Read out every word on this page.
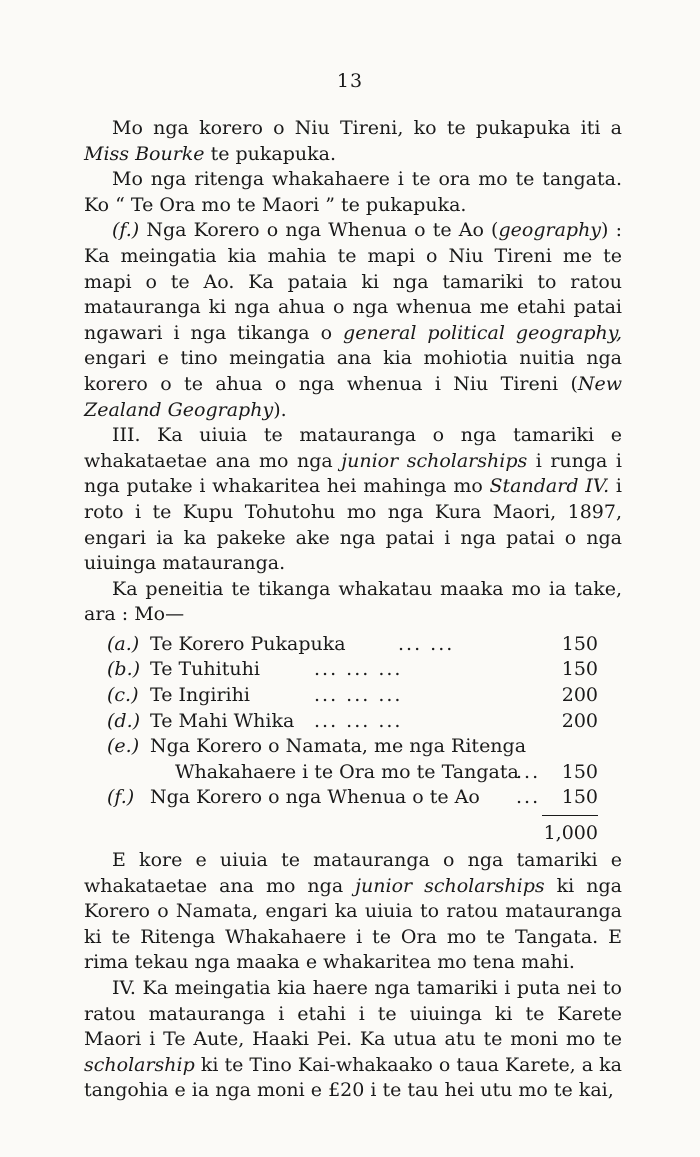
13

Mo nga korero o Niu Tireni, ko te pukapuka iti a Miss Bourke te pukapuka.

Mo nga ritenga whakahaere i te ora mo te tangata. Ko “ Te Ora mo te Maori ” te pukapuka.

(f.) Nga Korero o nga Whenua o te Ao (geography) : Ka meingatia kia mahia te mapi o Niu Tireni me te mapi o te Ao. Ka pataia ki nga tamariki to ratou matauranga ki nga ahua o nga whenua me etahi patai ngawari i nga tikanga o general political geography, engari e tino meingatia ana kia mohiotia nuitia nga korero o te ahua o nga whenua i Niu Tireni (New Zealand Geography).

III. Ka uiuia te matauranga o nga tamariki e whakataetae ana mo nga junior scholarships i runga i nga putake i whakaritea hei mahinga mo Standard IV. i roto i te Kupu Tohutohu mo nga Kura Maori, 1897, engari ia ka pakeke ake nga patai i nga patai o nga uiuinga matauranga.

Ka peneitia te tikanga whakatau maaka mo ia take, ara : Mo—

(a.) Te Korero Pukapuka	... ...	150
(b.) Te Tuhituhi	... ... ...	150
(c.) Te Ingirihi	... ... ...	200
(d.) Te Mahi Whika ... ... ...	200
(e.) Nga Korero o Namata, me nga Ritenga
Whakahaere i te Ora mo te Tangata
... 150
(f.) Nga Korero o nga Whenua o te Ao ... 150
1,000

E kore e uiuia te matauranga o nga tamariki e whakataetae ana mo nga junior scholarships ki nga Korero o Namata, engari ka uiuia to ratou matauranga ki te Ritenga Whakahaere i te Ora mo te Tangata. E rima tekau nga maaka e whakaritea mo tena mahi.

IV. Ka meingatia kia haere nga tamariki i puta nei to ratou matauranga i etahi i te uiuinga ki te Karete Maori i Te Aute, Haaki Pei. Ka utua atu te moni mo te scholarship ki te Tino Kai-whakaako o taua Karete, a ka tangohia e ia nga moni e £20 i te tau hei utu mo te kai,
